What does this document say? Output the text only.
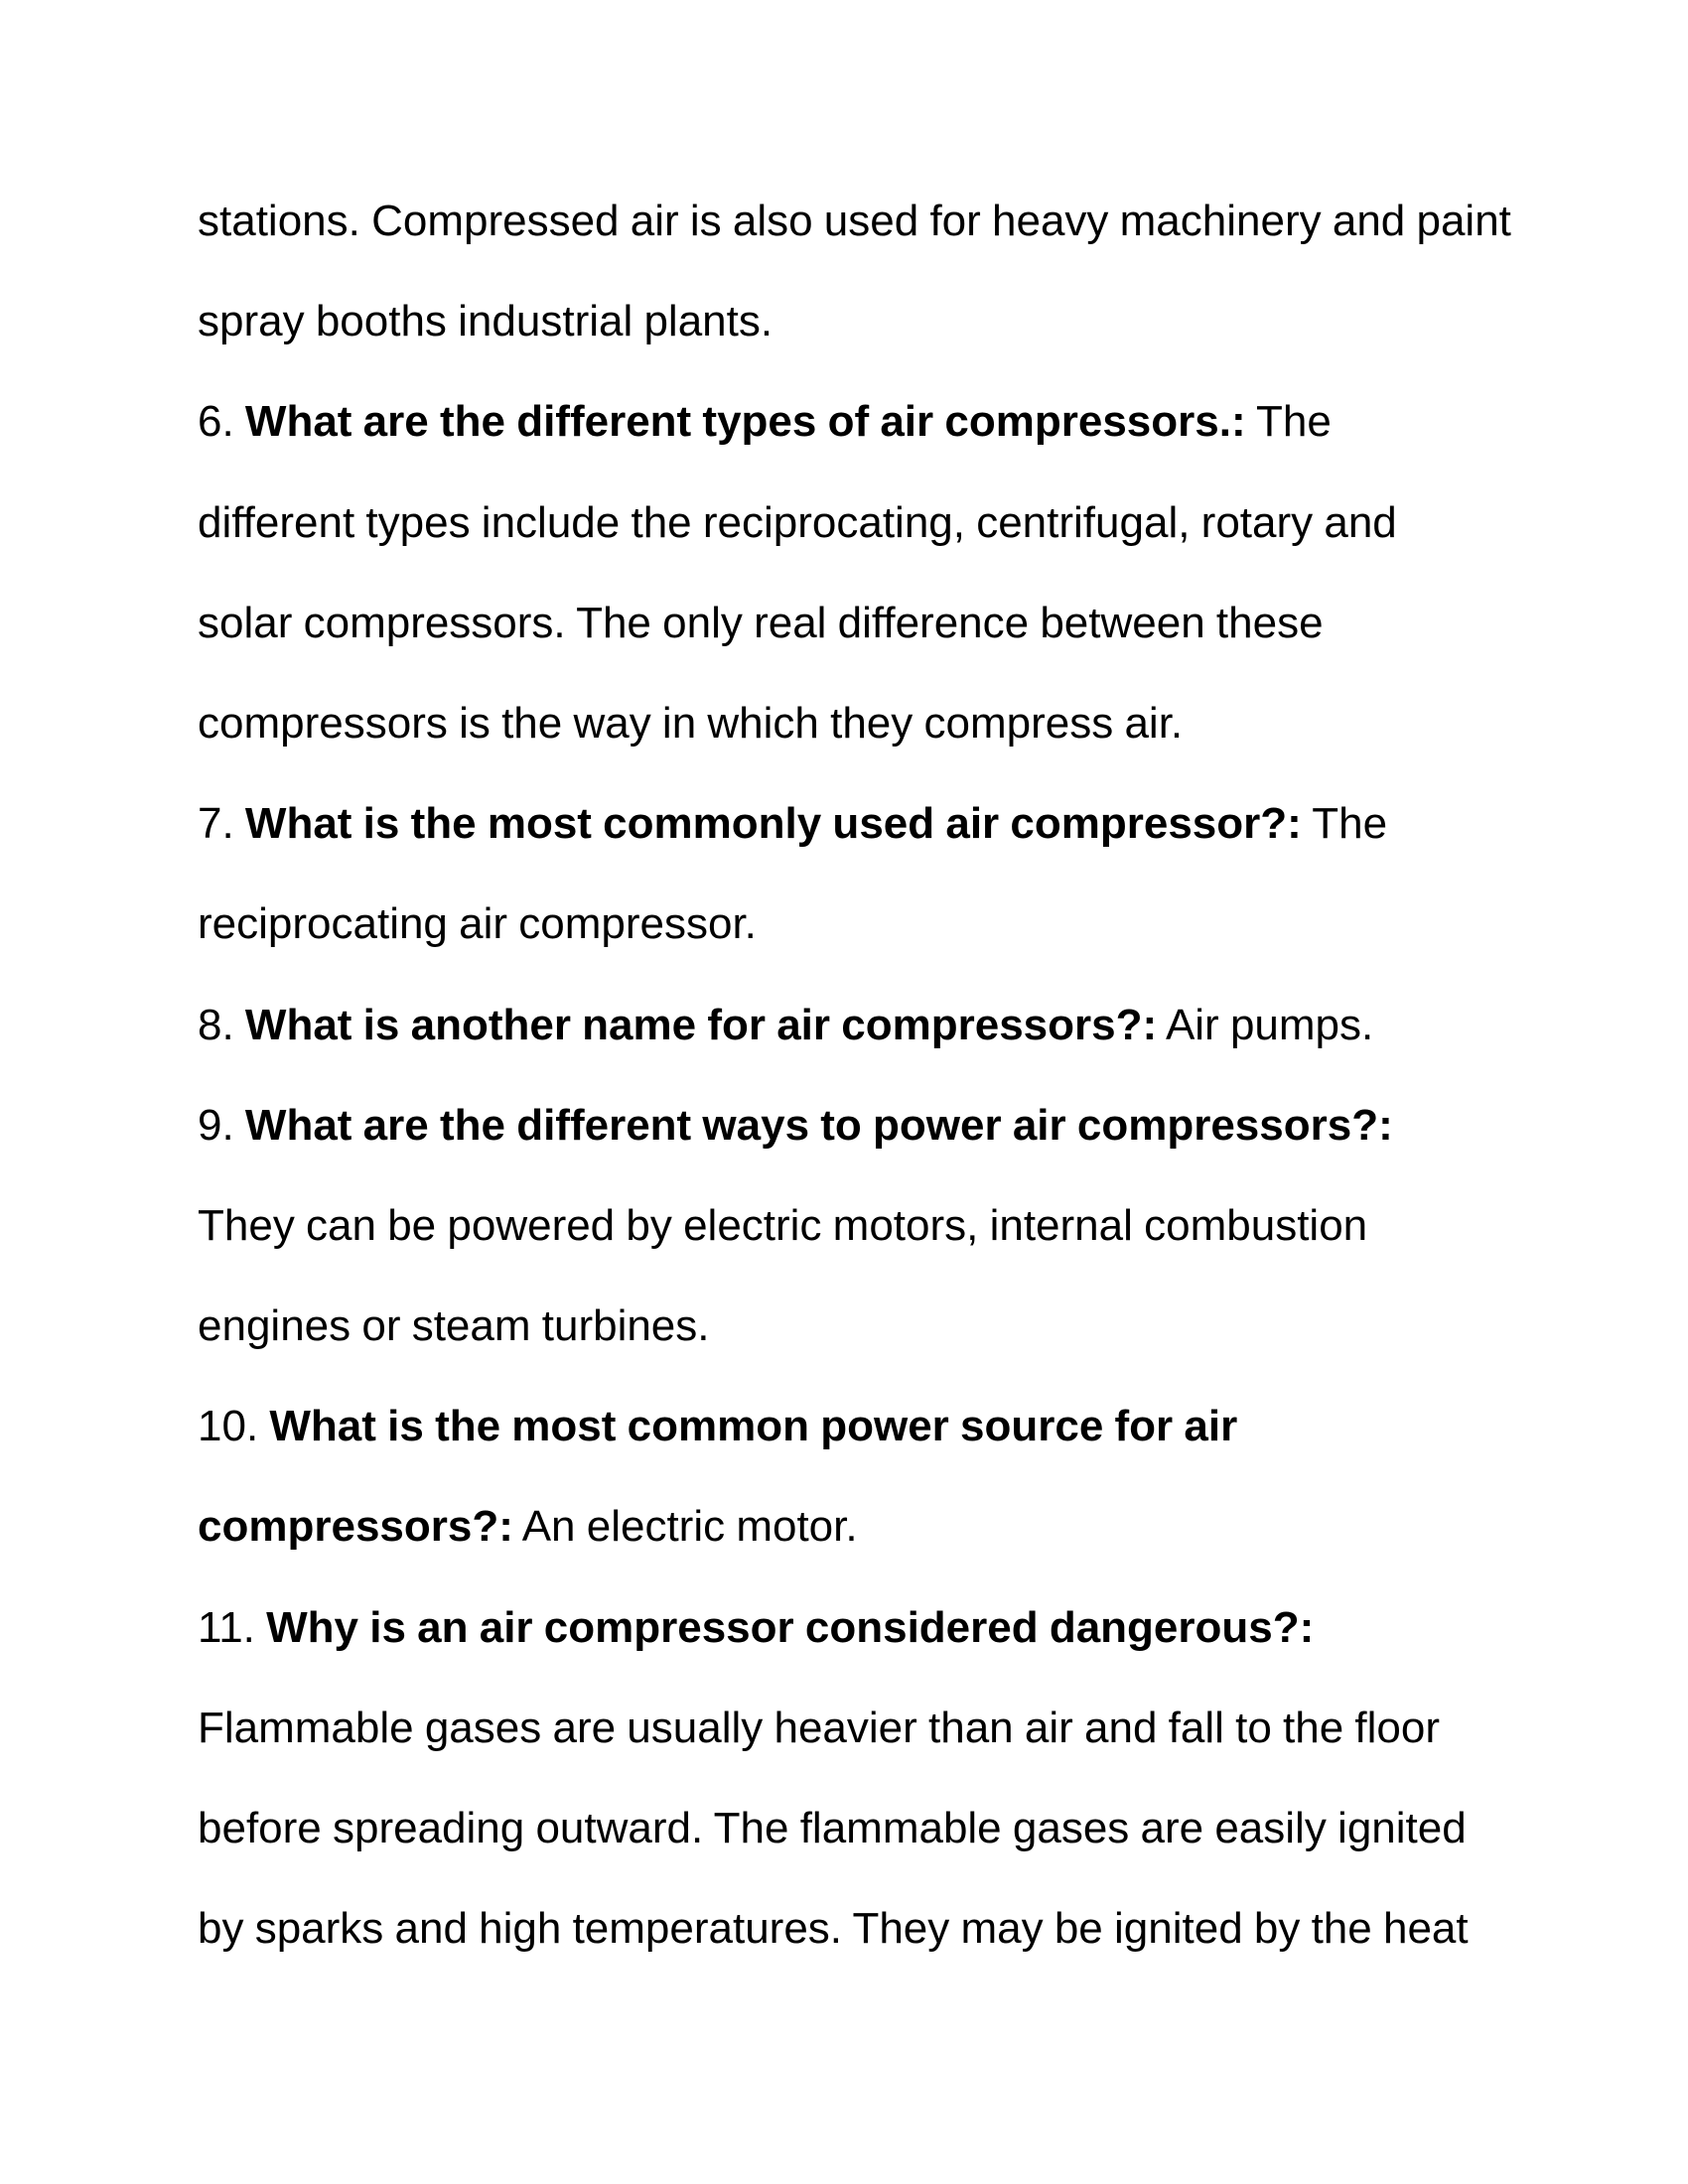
stations. Compressed air is also used for heavy machinery and paint
spray booths industrial plants.
6. What are the different types of air compressors.: The
different types include the reciprocating, centrifugal, rotary and
solar compressors. The only real difference between these
compressors is the way in which they compress air.
7. What is the most commonly used air compressor?: The
reciprocating air compressor.
8. What is another name for air compressors?: Air pumps.
9. What are the different ways to power air compressors?:
They can be powered by electric motors, internal combustion
engines or steam turbines.
10. What is the most common power source for air
compressors?: An electric motor.
11. Why is an air compressor considered dangerous?:
Flammable gases are usually heavier than air and fall to the floor
before spreading outward. The flammable gases are easily ignited
by sparks and high temperatures. They may be ignited by the heat
